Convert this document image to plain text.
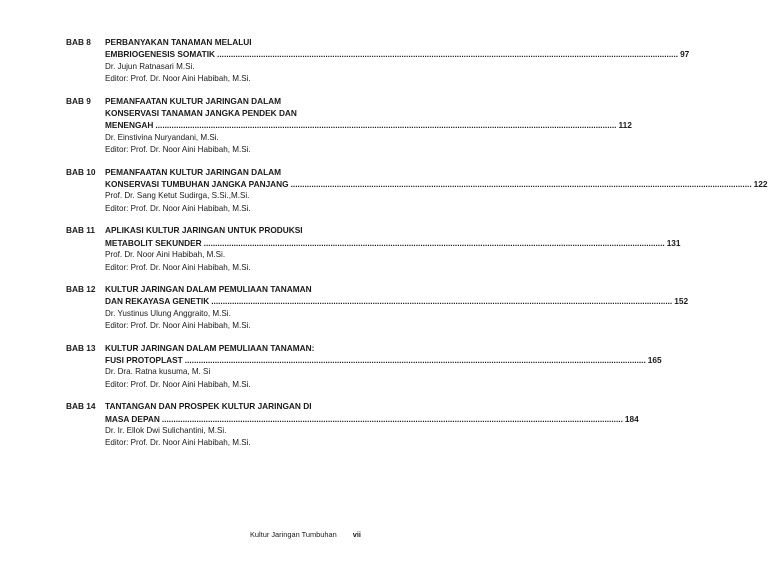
BAB 8	PERBANYAKAN TANAMAN MELALUI
EMBRIOGENESIS SOMATIK ........................................................................................................................................................................................................ 97
Dr. Jujun Ratnasari M.Si.
Editor: Prof. Dr. Noor Aini Habibah, M.Si.
BAB 9	PEMANFAATAN KULTUR JARINGAN DALAM
KONSERVASI TANAMAN JANGKA PENDEK DAN
MENENGAH ........................................................................................................................................................................................................ 112
Dr. Einstivina Nuryandani, M.Si.
Editor: Prof. Dr. Noor Aini Habibah, M.Si.
BAB 10	PEMANFAATAN KULTUR JARINGAN DALAM
KONSERVASI TUMBUHAN JANGKA PANJANG ........................................................................................................................................................................................................ 122
Prof. Dr. Sang Ketut Sudirga, S.Si.,M.Si.
Editor: Prof. Dr. Noor Aini Habibah, M.Si.
BAB 11	APLIKASI KULTUR JARINGAN UNTUK PRODUKSI
METABOLIT SEKUNDER ........................................................................................................................................................................................................ 131
Prof. Dr. Noor Aini Habibah, M.Si.
Editor: Prof. Dr. Noor Aini Habibah, M.Si.
BAB 12	KULTUR JARINGAN DALAM PEMULIAAN TANAMAN
DAN REKAYASA GENETIK ........................................................................................................................................................................................................ 152
Dr. Yustinus Ulung Anggraito, M.Si.
Editor: Prof. Dr. Noor Aini Habibah, M.Si.
BAB 13	KULTUR JARINGAN DALAM PEMULIAAN TANAMAN:
FUSI PROTOPLAST ........................................................................................................................................................................................................ 165
Dr. Dra. Ratna kusuma, M. Si
Editor: Prof. Dr. Noor Aini Habibah, M.Si.
BAB 14	TANTANGAN DAN PROSPEK KULTUR JARINGAN DI
MASA DEPAN ........................................................................................................................................................................................................ 184
Dr. Ir. Ellok Dwi Sulichantini, M.Si.
Editor: Prof. Dr. Noor Aini Habibah, M.Si.
Kultur Jaringan Tumbuhan vii
